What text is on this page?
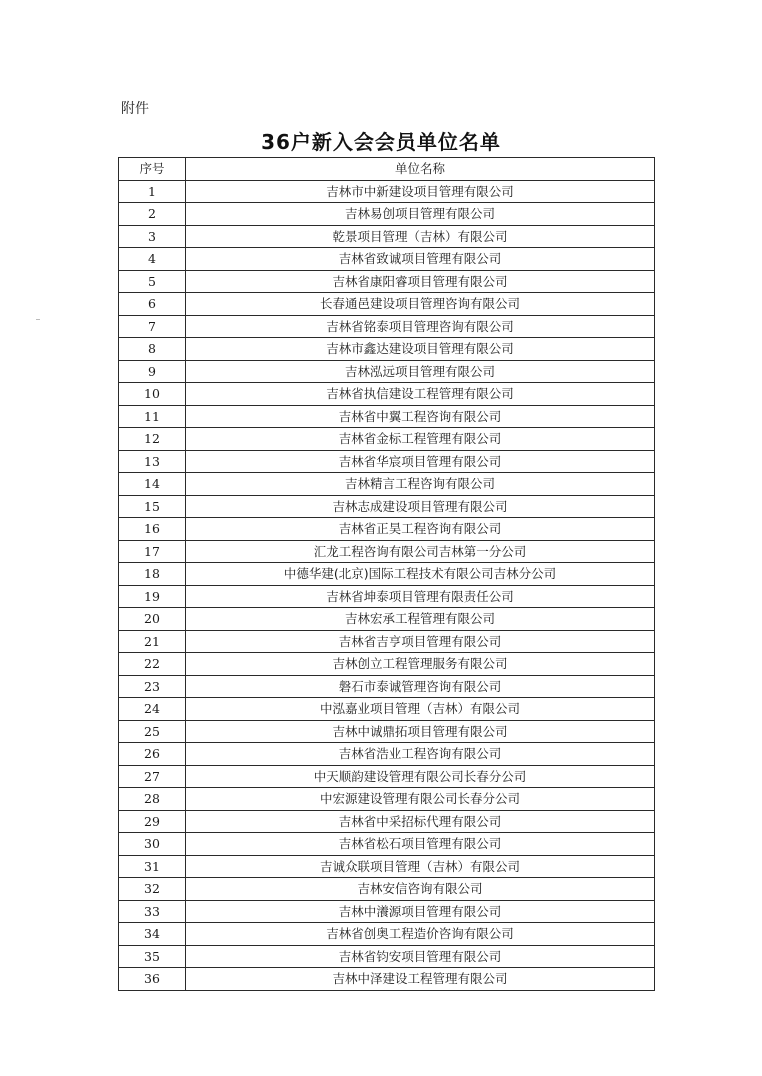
附件
36户新入会会员单位名单
序号	单位名称
1	吉林市中新建设项目管理有限公司
2	吉林易创项目管理有限公司
3	乾景项目管理（吉林）有限公司
4	吉林省致诚项目管理有限公司
5	吉林省康阳睿项目管理有限公司
6	长春通邑建设项目管理咨询有限公司
7	吉林省铭泰项目管理咨询有限公司
8	吉林市鑫达建设项目管理有限公司
9	吉林泓远项目管理有限公司
10	吉林省执信建设工程管理有限公司
11	吉林省中翼工程咨询有限公司
12	吉林省金标工程管理有限公司
13	吉林省华宸项目管理有限公司
14	吉林精言工程咨询有限公司
15	吉林志成建设项目管理有限公司
16	吉林省正昊工程咨询有限公司
17	汇龙工程咨询有限公司吉林第一分公司
18	中德华建(北京)国际工程技术有限公司吉林分公司
19	吉林省坤泰项目管理有限责任公司
20	吉林宏承工程管理有限公司
21	吉林省吉亨项目管理有限公司
22	吉林创立工程管理服务有限公司
23	磐石市泰诚管理咨询有限公司
24	中泓嘉业项目管理（吉林）有限公司
25	吉林中诚鼎拓项目管理有限公司
26	吉林省浩业工程咨询有限公司
27	中天顺韵建设管理有限公司长春分公司
28	中宏源建设管理有限公司长春分公司
29	吉林省中采招标代理有限公司
30	吉林省松石项目管理有限公司
31	吉诚众联项目管理（吉林）有限公司
32	吉林安信咨询有限公司
33	吉林中瀁源项目管理有限公司
34	吉林省创奥工程造价咨询有限公司
35	吉林省钧安项目管理有限公司
36	吉林中泽建设工程管理有限公司
